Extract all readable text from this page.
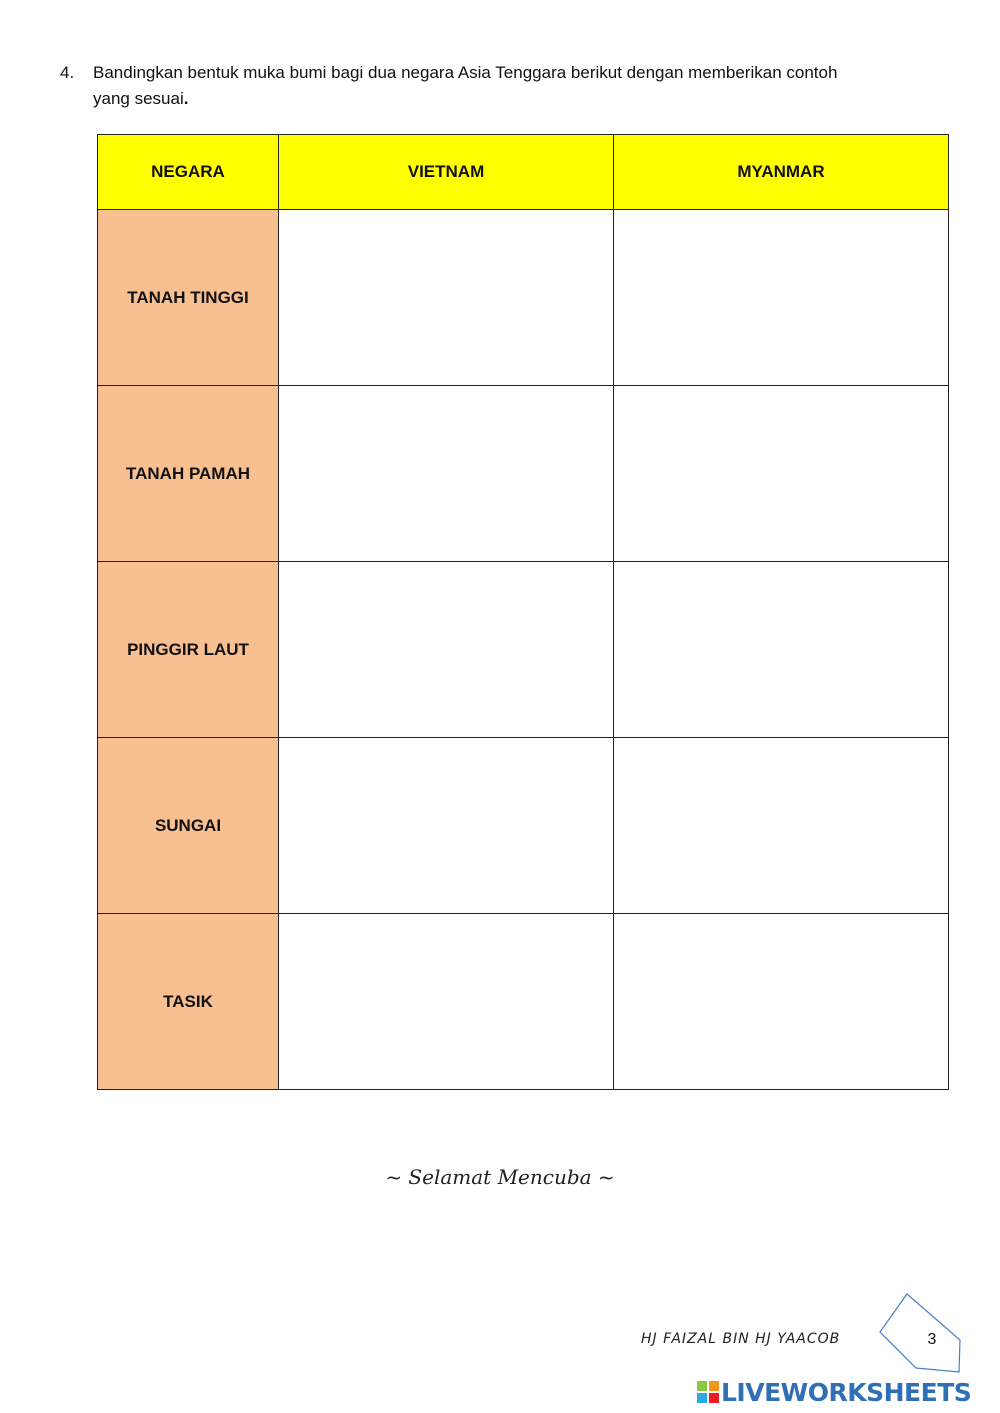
4. Bandingkan bentuk muka bumi bagi dua negara Asia Tenggara berikut dengan memberikan contoh
yang sesuai.
NEGARA	VIETNAM	MYANMAR
TANAH TINGGI		
TANAH PAMAH		
PINGGIR LAUT		
SUNGAI		
TASIK		
~ Selamat Mencuba ~
HJ FAIZAL BIN HJ YAACOB	3
LIVEWORKSHEETS
